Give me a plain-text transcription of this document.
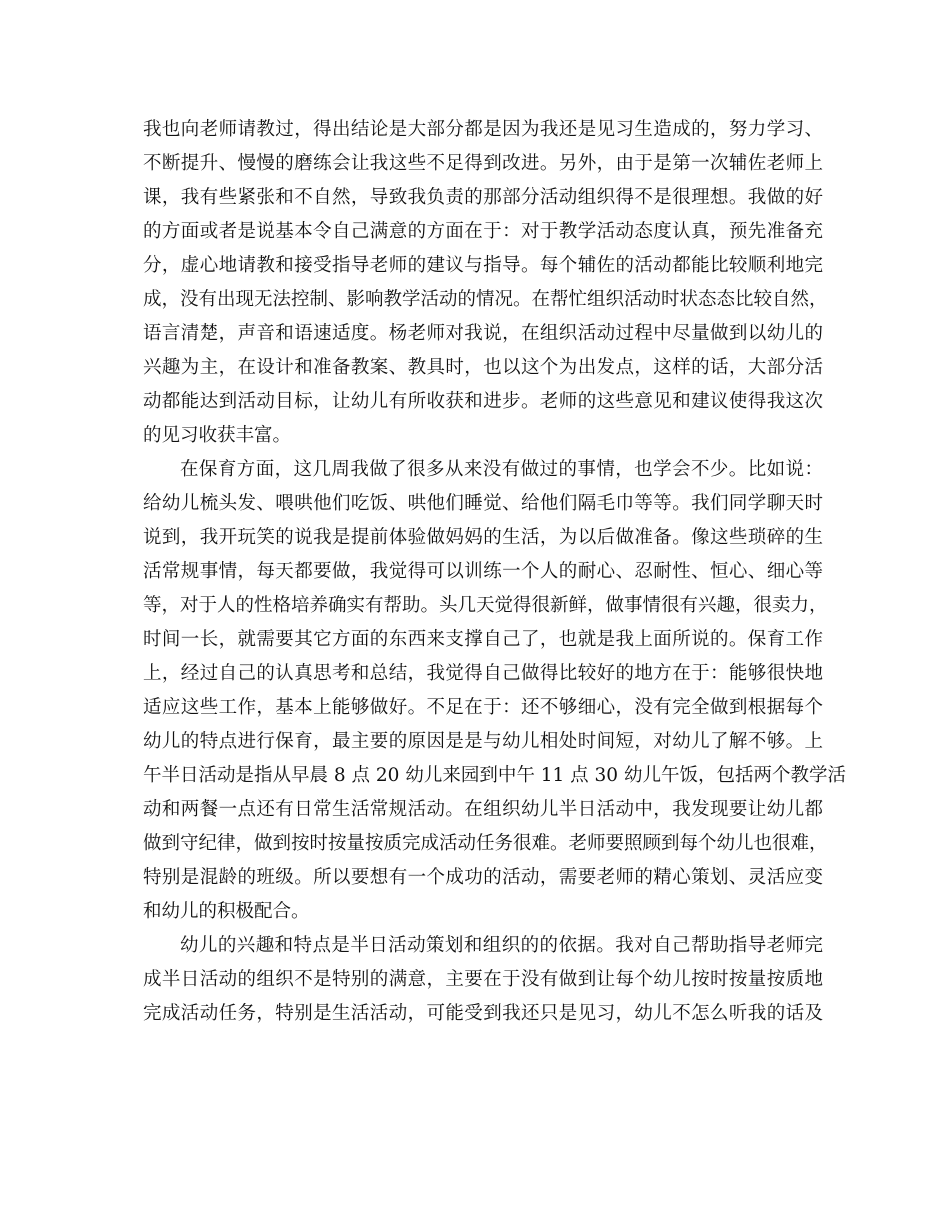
我也向老师请教过，得出结论是大部分都是因为我还是见习生造成的，努力学习、
不断提升、慢慢的磨练会让我这些不足得到改进。另外，由于是第一次辅佐老师上
课，我有些紧张和不自然，导致我负责的那部分活动组织得不是很理想。我做的好
的方面或者是说基本令自己满意的方面在于：对于教学活动态度认真，预先准备充
分，虚心地请教和接受指导老师的建议与指导。每个辅佐的活动都能比较顺利地完
成，没有出现无法控制、影响教学活动的情况。在帮忙组织活动时状态态比较自然，
语言清楚，声音和语速适度。杨老师对我说，在组织活动过程中尽量做到以幼儿的
兴趣为主，在设计和准备教案、教具时，也以这个为出发点，这样的话，大部分活
动都能达到活动目标，让幼儿有所收获和进步。老师的这些意见和建议使得我这次
的见习收获丰富。
在保育方面，这几周我做了很多从来没有做过的事情，也学会不少。比如说：
给幼儿梳头发、喂哄他们吃饭、哄他们睡觉、给他们隔毛巾等等。我们同学聊天时
说到，我开玩笑的说我是提前体验做妈妈的生活，为以后做准备。像这些琐碎的生
活常规事情，每天都要做，我觉得可以训练一个人的耐心、忍耐性、恒心、细心等
等，对于人的性格培养确实有帮助。头几天觉得很新鲜，做事情很有兴趣，很卖力，
时间一长，就需要其它方面的东西来支撑自己了，也就是我上面所说的。保育工作
上，经过自己的认真思考和总结，我觉得自己做得比较好的地方在于：能够很快地
适应这些工作，基本上能够做好。不足在于：还不够细心，没有完全做到根据每个
幼儿的特点进行保育，最主要的原因是是与幼儿相处时间短，对幼儿了解不够。上
午半日活动是指从早晨 8 点 20 幼儿来园到中午 11 点 30 幼儿午饭，包括两个教学活
动和两餐一点还有日常生活常规活动。在组织幼儿半日活动中，我发现要让幼儿都
做到守纪律，做到按时按量按质完成活动任务很难。老师要照顾到每个幼儿也很难，
特别是混龄的班级。所以要想有一个成功的活动，需要老师的精心策划、灵活应变
和幼儿的积极配合。
幼儿的兴趣和特点是半日活动策划和组织的的依据。我对自己帮助指导老师完
成半日活动的组织不是特别的满意，主要在于没有做到让每个幼儿按时按量按质地
完成活动任务，特别是生活活动，可能受到我还只是见习，幼儿不怎么听我的话及
